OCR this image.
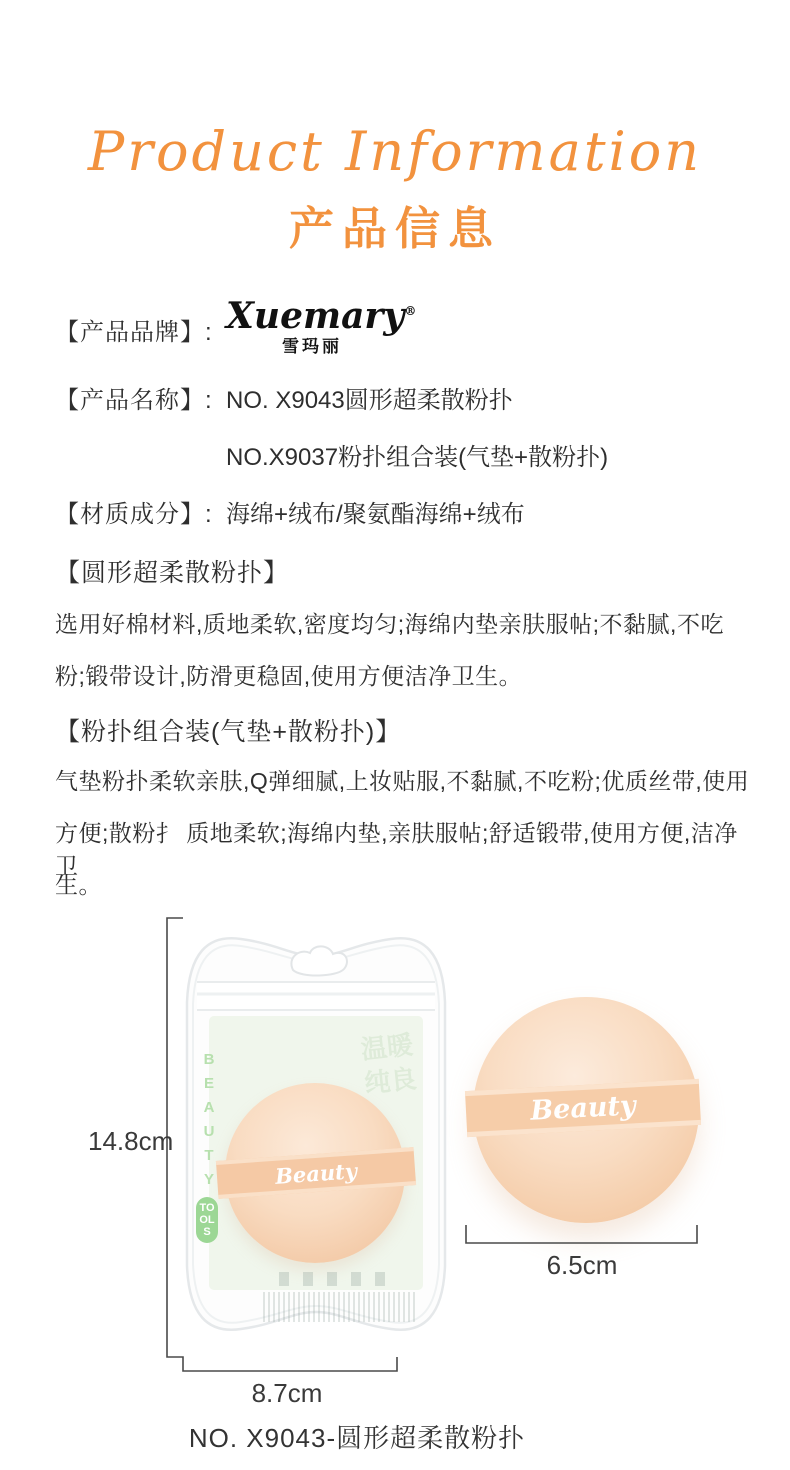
Product Information
产品信息
【产品品牌】: Xuemary®
雪玛丽
【产品名称】: NO. X9043圆形超柔散粉扑
NO.X9037粉扑组合装(气垫+散粉扑)
【材质成分】: 海绵+绒布/聚氨酯海绵+绒布
【圆形超柔散粉扑】
选用好棉材料,质地柔软,密度均匀;海绵内垫亲肤服帖;不黏腻,不吃
粉;锻带设计,防滑更稳固,使用方便洁净卫生。
【粉扑组合装(气垫+散粉扑)】
气垫粉扑柔软亲肤,Q弹细腻,上妆贴服,不黏腻,不吃粉;优质丝带,使用
方便;散粉扌 质地柔软;海绵内垫,亲肤服帖;舒适锻带,使用方便,洁净卫
生。
BEAUTY
TOOLS
温暖纯良
Beauty
Beauty
14.8cm
8.7cm
6.5cm
NO. X9043-圆形超柔散粉扑
